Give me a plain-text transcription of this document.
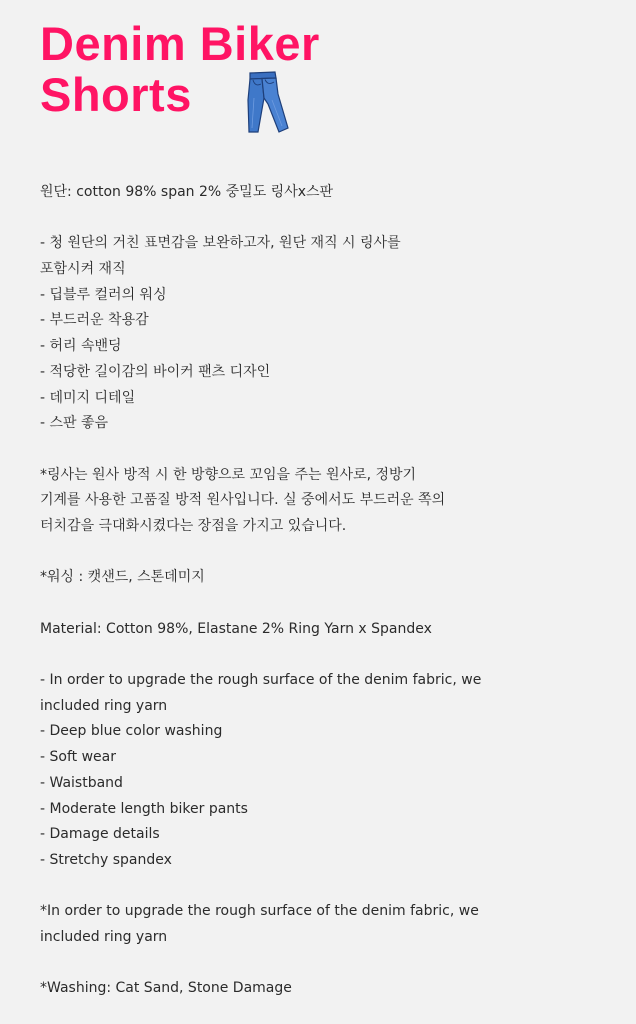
Denim Biker
Shorts
원단: cotton 98% span 2% 중밀도 링사x스판
- 청 원단의 거친 표면감을 보완하고자, 원단 재직 시 링사를
포함시켜 재직
- 딥블루 컬러의 워싱
- 부드러운 착용감
- 허리 속밴딩
- 적당한 길이감의 바이커 팬츠 디자인
- 데미지 디테일
- 스판 좋음
*링사는 원사 방적 시 한 방향으로 꼬임을 주는 원사로, 정방기
기계를 사용한 고품질 방적 원사입니다. 실 중에서도 부드러운 쪽의
터치감을 극대화시켰다는 장점을 가지고 있습니다.
*워싱 : 캣샌드, 스톤데미지
Material: Cotton 98%, Elastane 2% Ring Yarn x Spandex
- In order to upgrade the rough surface of the denim fabric, we
included ring yarn
- Deep blue color washing
- Soft wear
- Waistband
- Moderate length biker pants
- Damage details
- Stretchy spandex
*In order to upgrade the rough surface of the denim fabric, we
included ring yarn
*Washing: Cat Sand, Stone Damage
